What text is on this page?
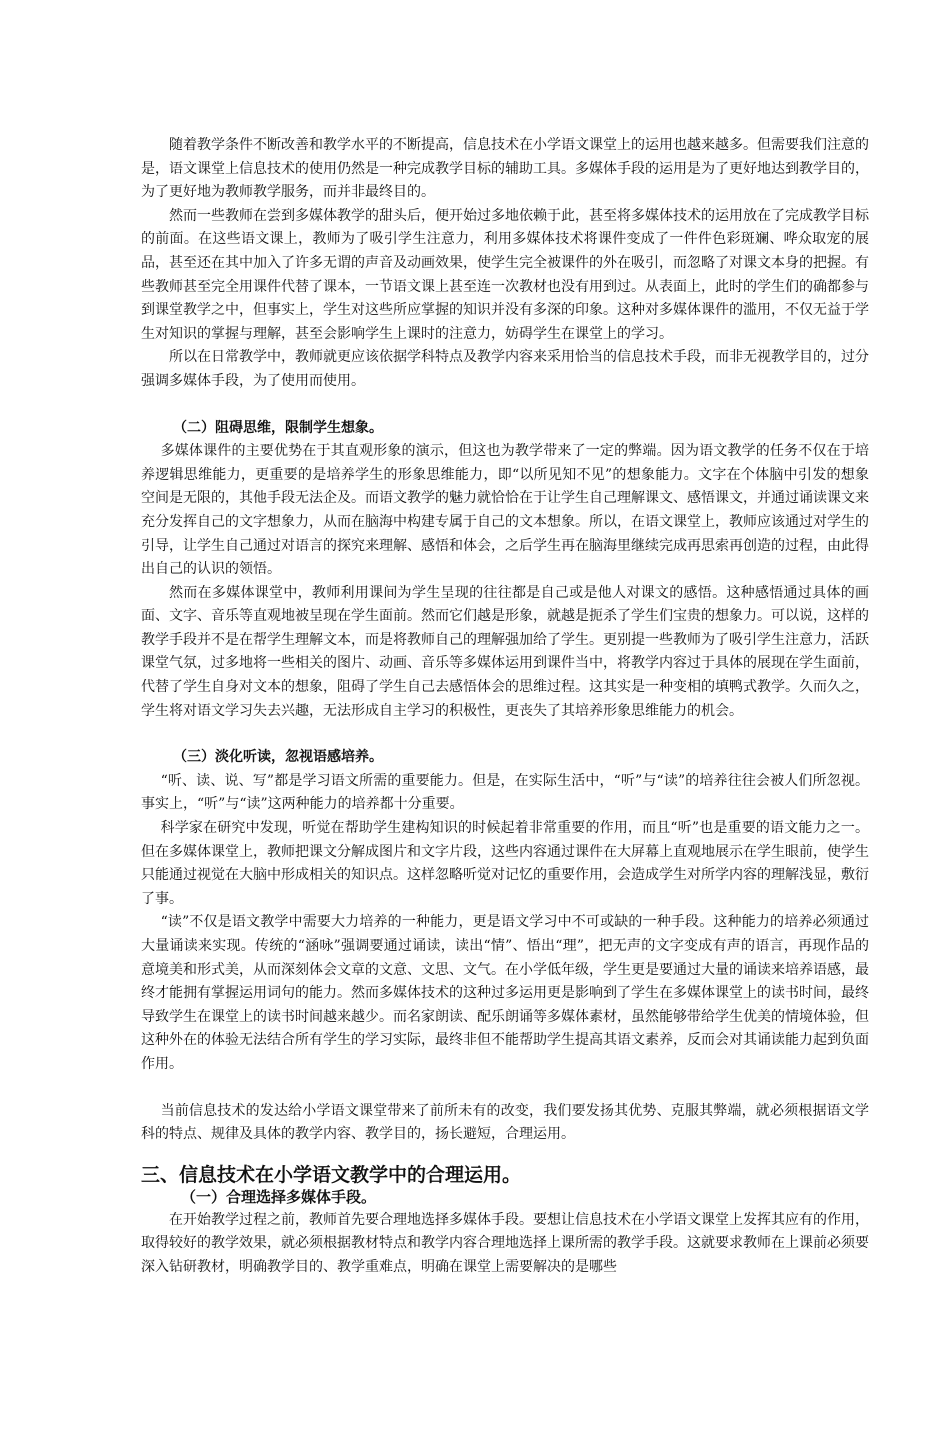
随着教学条件不断改善和教学水平的不断提高，信息技术在小学语文课堂上的运用也越来越多。但需要我们注意的是，语文课堂上信息技术的使用仍然是一种完成教学目标的辅助工具。多媒体手段的运用是为了更好地达到教学目的，为了更好地为教师教学服务，而并非最终目的。

然而一些教师在尝到多媒体教学的甜头后，便开始过多地依赖于此，甚至将多媒体技术的运用放在了完成教学目标的前面。在这些语文课上，教师为了吸引学生注意力，利用多媒体技术将课件变成了一件件色彩斑斓、哗众取宠的展品，甚至还在其中加入了许多无谓的声音及动画效果，使学生完全被课件的外在吸引，而忽略了对课文本身的把握。有些教师甚至完全用课件代替了课本，一节语文课上甚至连一次教材也没有用到过。从表面上，此时的学生们的确都参与到课堂教学之中，但事实上，学生对这些所应掌握的知识并没有多深的印象。这种对多媒体课件的滥用，不仅无益于学生对知识的掌握与理解，甚至会影响学生上课时的注意力，妨碍学生在课堂上的学习。

所以在日常教学中，教师就更应该依据学科特点及教学内容来采用恰当的信息技术手段，而非无视教学目的，过分强调多媒体手段，为了使用而使用。

（二）阻碍思维，限制学生想象。

多媒体课件的主要优势在于其直观形象的演示，但这也为教学带来了一定的弊端。因为语文教学的任务不仅在于培养逻辑思维能力，更重要的是培养学生的形象思维能力，即“以所见知不见”的想象能力。文字在个体脑中引发的想象空间是无限的，其他手段无法企及。而语文教学的魅力就恰恰在于让学生自己理解课文、感悟课文，并通过诵读课文来充分发挥自己的文字想象力，从而在脑海中构建专属于自己的文本想象。所以，在语文课堂上，教师应该通过对学生的引导，让学生自己通过对语言的探究来理解、感悟和体会，之后学生再在脑海里继续完成再思索再创造的过程，由此得出自己的认识的领悟。

然而在多媒体课堂中，教师利用课间为学生呈现的往往都是自己或是他人对课文的感悟。这种感悟通过具体的画面、文字、音乐等直观地被呈现在学生面前。然而它们越是形象，就越是扼杀了学生们宝贵的想象力。可以说，这样的教学手段并不是在帮学生理解文本，而是将教师自己的理解强加给了学生。更别提一些教师为了吸引学生注意力，活跃课堂气氛，过多地将一些相关的图片、动画、音乐等多媒体运用到课件当中，将教学内容过于具体的展现在学生面前，代替了学生自身对文本的想象，阻碍了学生自己去感悟体会的思维过程。这其实是一种变相的填鸭式教学。久而久之，学生将对语文学习失去兴趣，无法形成自主学习的积极性，更丧失了其培养形象思维能力的机会。

（三）淡化听读，忽视语感培养。

“听、读、说、写”都是学习语文所需的重要能力。但是，在实际生活中，“听”与“读”的培养往往会被人们所忽视。事实上，“听”与“读”这两种能力的培养都十分重要。

科学家在研究中发现，听觉在帮助学生建构知识的时候起着非常重要的作用，而且“听”也是重要的语文能力之一。但在多媒体课堂上，教师把课文分解成图片和文字片段，这些内容通过课件在大屏幕上直观地展示在学生眼前，使学生只能通过视觉在大脑中形成相关的知识点。这样忽略听觉对记忆的重要作用，会造成学生对所学内容的理解浅显，敷衍了事。

“读”不仅是语文教学中需要大力培养的一种能力，更是语文学习中不可或缺的一种手段。这种能力的培养必须通过大量诵读来实现。传统的“涵咏”强调要通过诵读，读出“情”、悟出“理”，把无声的文字变成有声的语言，再现作品的意境美和形式美，从而深刻体会文章的文意、文思、文气。在小学低年级，学生更是要通过大量的诵读来培养语感，最终才能拥有掌握运用词句的能力。然而多媒体技术的这种过多运用更是影响到了学生在多媒体课堂上的读书时间，最终导致学生在课堂上的读书时间越来越少。而名家朗读、配乐朗诵等多媒体素材，虽然能够带给学生优美的情境体验，但这种外在的体验无法结合所有学生的学习实际，最终非但不能帮助学生提高其语文素养，反而会对其诵读能力起到负面作用。

当前信息技术的发达给小学语文课堂带来了前所未有的改变，我们要发扬其优势、克服其弊端，就必须根据语文学科的特点、规律及具体的教学内容、教学目的，扬长避短，合理运用。

三、信息技术在小学语文教学中的合理运用。

（一）合理选择多媒体手段。

在开始教学过程之前，教师首先要合理地选择多媒体手段。要想让信息技术在小学语文课堂上发挥其应有的作用，取得较好的教学效果，就必须根据教材特点和教学内容合理地选择上课所需的教学手段。这就要求教师在上课前必须要深入钻研教材，明确教学目的、教学重难点，明确在课堂上需要解决的是哪些
